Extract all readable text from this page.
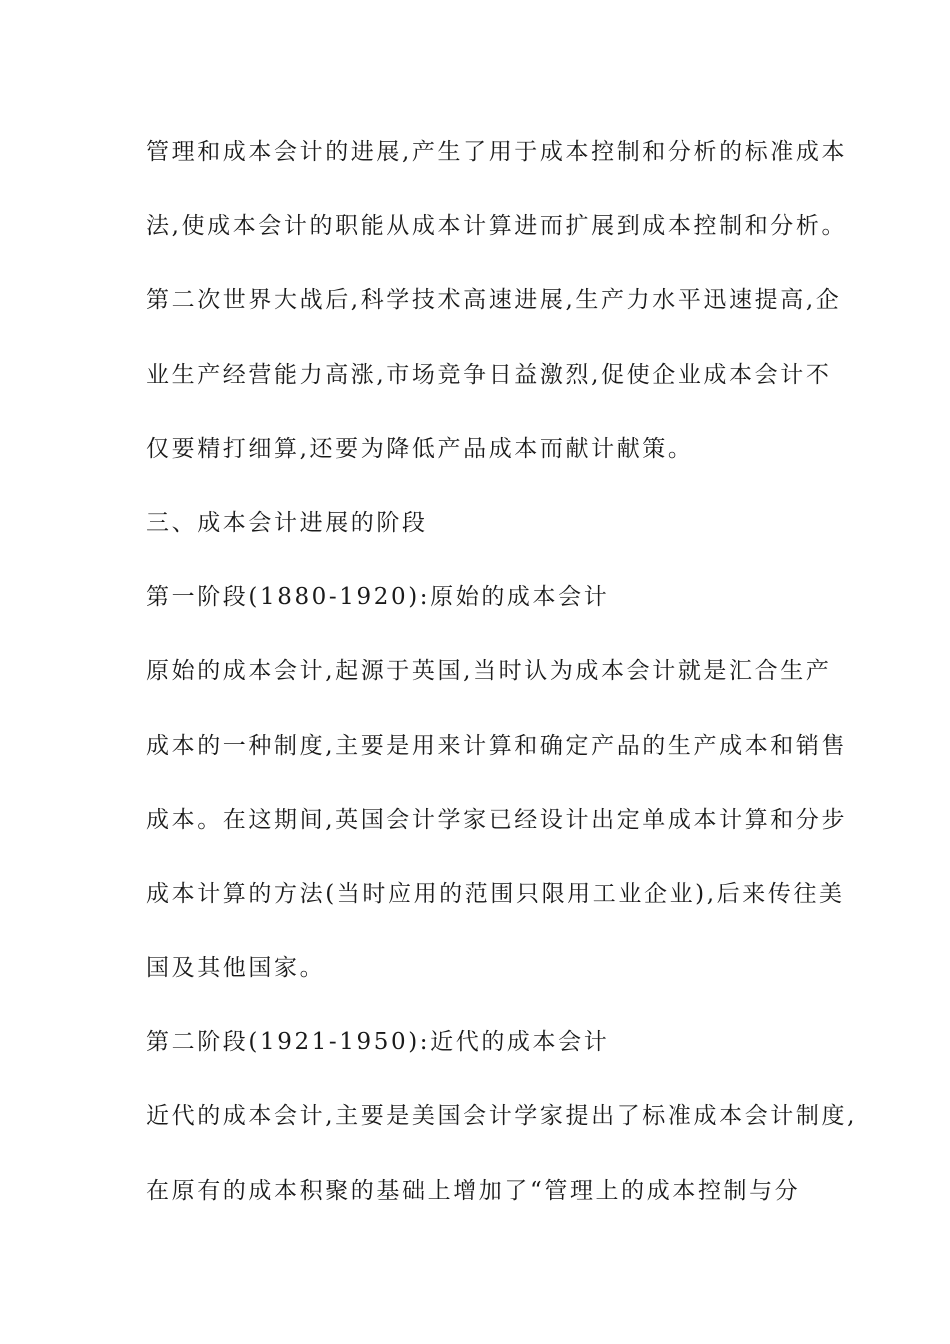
管理和成本会计的进展,产生了用于成本控制和分析的标准成本
法,使成本会计的职能从成本计算进而扩展到成本控制和分析。
第二次世界大战后,科学技术高速进展,生产力水平迅速提高,企
业生产经营能力高涨,市场竞争日益激烈,促使企业成本会计不
仅要精打细算,还要为降低产品成本而献计献策。
三、成本会计进展的阶段
第一阶段(1880-1920):原始的成本会计
原始的成本会计,起源于英国,当时认为成本会计就是汇合生产
成本的一种制度,主要是用来计算和确定产品的生产成本和销售
成本。在这期间,英国会计学家已经设计出定单成本计算和分步
成本计算的方法(当时应用的范围只限用工业企业),后来传往美
国及其他国家。
第二阶段(1921-1950):近代的成本会计
近代的成本会计,主要是美国会计学家提出了标准成本会计制度,
在原有的成本积聚的基础上增加了“管理上的成本控制与分
